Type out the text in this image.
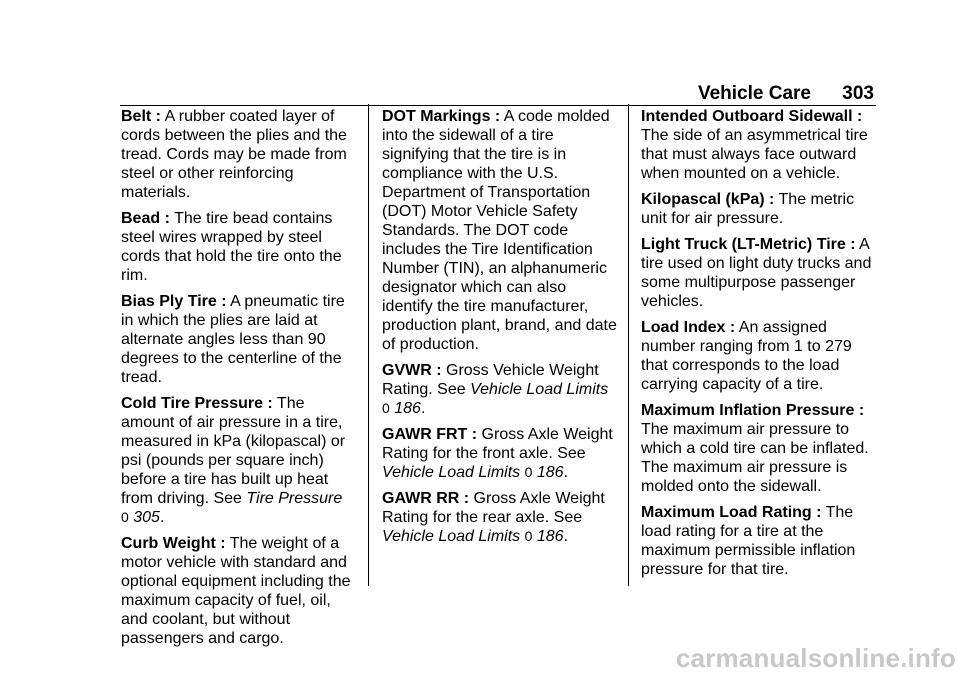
Vehicle Care 303

Belt : A rubber coated layer of cords between the plies and the tread. Cords may be made from steel or other reinforcing materials.

Bead : The tire bead contains steel wires wrapped by steel cords that hold the tire onto the rim.

Bias Ply Tire : A pneumatic tire in which the plies are laid at alternate angles less than 90 degrees to the centerline of the tread.

Cold Tire Pressure : The amount of air pressure in a tire, measured in kPa (kilopascal) or psi (pounds per square inch) before a tire has built up heat from driving. See Tire Pressure
0 305.

Curb Weight : The weight of a motor vehicle with standard and optional equipment including the maximum capacity of fuel, oil, and coolant, but without passengers and cargo.

DOT Markings : A code molded into the sidewall of a tire signifying that the tire is in compliance with the U.S. Department of Transportation (DOT) Motor Vehicle Safety Standards. The DOT code includes the Tire Identification Number (TIN), an alphanumeric designator which can also identify the tire manufacturer, production plant, brand, and date of production.

GVWR : Gross Vehicle Weight Rating. See Vehicle Load Limits
0 186.

GAWR FRT : Gross Axle Weight Rating for the front axle. See Vehicle Load Limits 0 186.

GAWR RR : Gross Axle Weight Rating for the rear axle. See Vehicle Load Limits 0 186.

Intended Outboard Sidewall : The side of an asymmetrical tire that must always face outward when mounted on a vehicle.

Kilopascal (kPa) : The metric unit for air pressure.

Light Truck (LT-Metric) Tire : A tire used on light duty trucks and some multipurpose passenger vehicles.

Load Index : An assigned number ranging from 1 to 279 that corresponds to the load carrying capacity of a tire.

Maximum Inflation Pressure : The maximum air pressure to which a cold tire can be inflated. The maximum air pressure is molded onto the sidewall.

Maximum Load Rating : The load rating for a tire at the maximum permissible inflation pressure for that tire.

carmanualsonline.info
